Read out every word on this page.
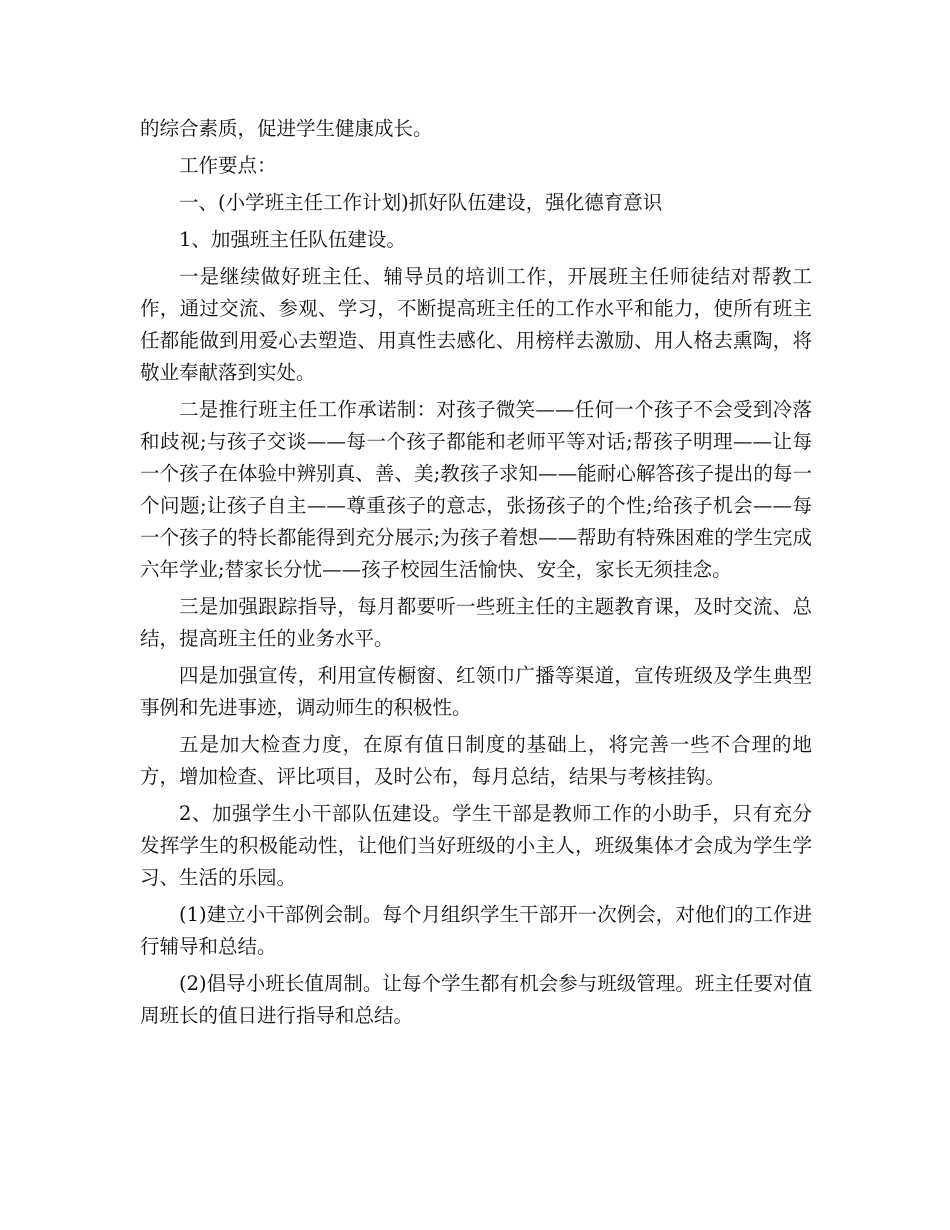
的综合素质，促进学生健康成长。

工作要点：

一、(小学班主任工作计划)抓好队伍建设，强化德育意识

1、加强班主任队伍建设。

一是继续做好班主任、辅导员的培训工作，开展班主任师徒结对帮教工作，通过交流、参观、学习，不断提高班主任的工作水平和能力，使所有班主任都能做到用爱心去塑造、用真性去感化、用榜样去激励、用人格去熏陶，将敬业奉献落到实处。

二是推行班主任工作承诺制：对孩子微笑——任何一个孩子不会受到冷落和歧视;与孩子交谈——每一个孩子都能和老师平等对话;帮孩子明理——让每一个孩子在体验中辨别真、善、美;教孩子求知——能耐心解答孩子提出的每一个问题;让孩子自主——尊重孩子的意志，张扬孩子的个性;给孩子机会——每一个孩子的特长都能得到充分展示;为孩子着想——帮助有特殊困难的学生完成六年学业;替家长分忧——孩子校园生活愉快、安全，家长无须挂念。

三是加强跟踪指导，每月都要听一些班主任的主题教育课，及时交流、总结，提高班主任的业务水平。

四是加强宣传，利用宣传橱窗、红领巾广播等渠道，宣传班级及学生典型事例和先进事迹，调动师生的积极性。

五是加大检查力度，在原有值日制度的基础上，将完善一些不合理的地方，增加检查、评比项目，及时公布，每月总结，结果与考核挂钩。

2、加强学生小干部队伍建设。学生干部是教师工作的小助手，只有充分发挥学生的积极能动性，让他们当好班级的小主人，班级集体才会成为学生学习、生活的乐园。

(1)建立小干部例会制。每个月组织学生干部开一次例会，对他们的工作进行辅导和总结。

(2)倡导小班长值周制。让每个学生都有机会参与班级管理。班主任要对值周班长的值日进行指导和总结。
